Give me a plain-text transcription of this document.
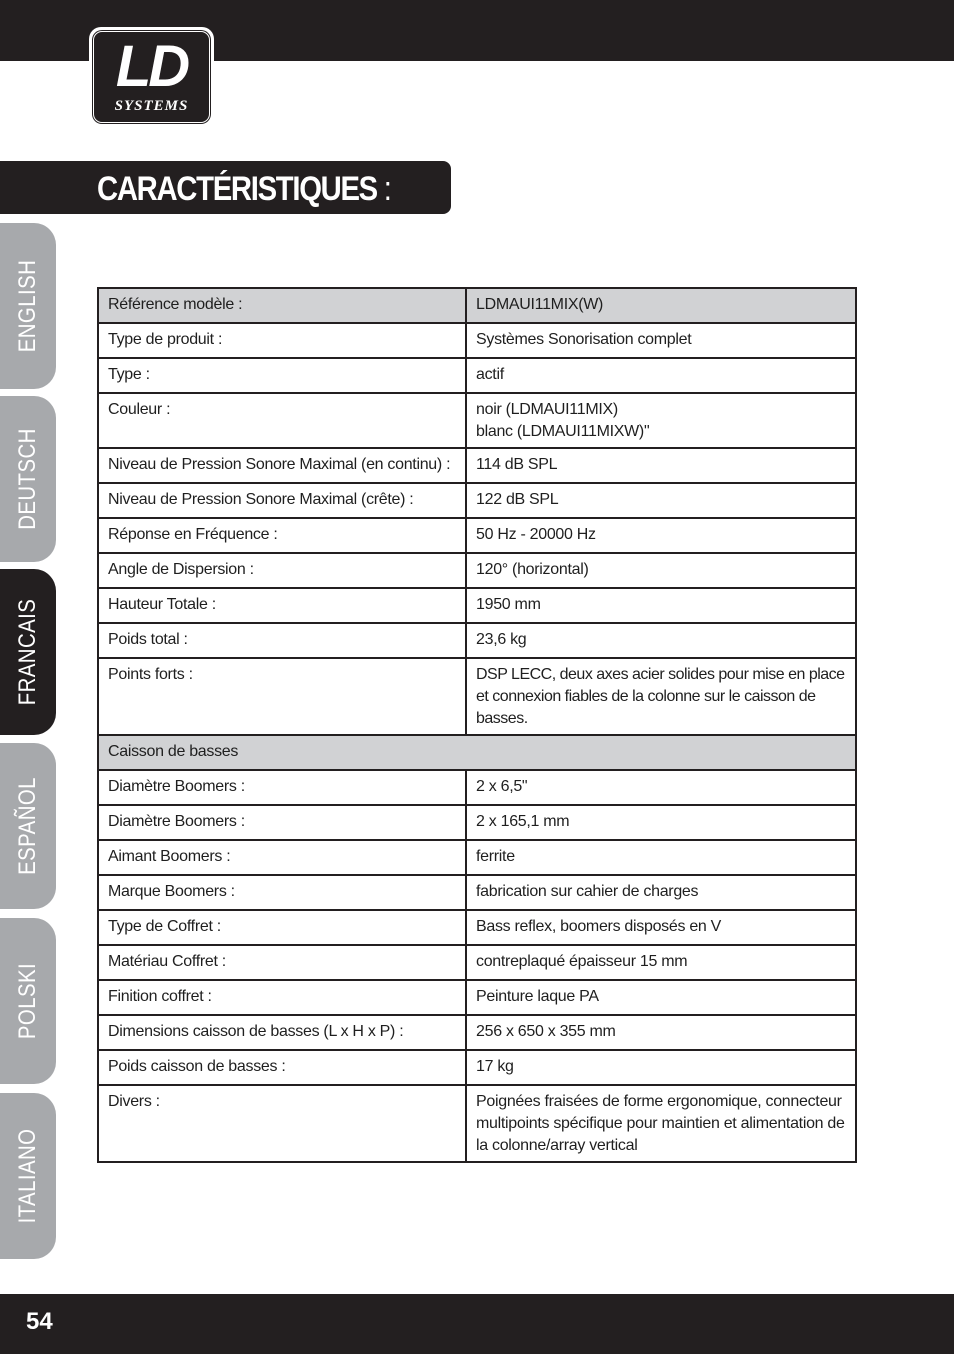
LD
SYSTEMS
CARACTÉRISTIQUES :
ENGLISH
DEUTSCH
FRANCAIS
ESPAÑOL
POLSKI
ITALIANO
Référence modèle :	LDMAUI11MIX(W)
Type de produit :	Systèmes Sonorisation complet
Type :	actif
Couleur :	noir (LDMAUI11MIX)
blanc (LDMAUI11MIXW)"

Niveau de Pression Sonore Maximal (en continu) :	114 dB SPL
Niveau de Pression Sonore Maximal (crête) :	122 dB SPL
Réponse en Fréquence :	50 Hz - 20000 Hz
Angle de Dispersion :	120° (horizontal)
Hauteur Totale :	1950 mm
Poids total :	23,6 kg
Points forts :	DSP LECC, deux axes acier solides pour mise en place et connexion fiables de la colonne sur le caisson de basses.
Caisson de basses	
Diamètre Boomers :	2 x 6,5"
Diamètre Boomers :	2 x 165,1 mm
Aimant Boomers :	ferrite
Marque Boomers :	fabrication sur cahier de charges
Type de Coffret :	Bass reflex, boomers disposés en V
Matériau Coffret :	contreplaqué épaisseur 15 mm
Finition coffret :	Peinture laque PA
Dimensions caisson de basses (L x H x P) :	256 x 650 x 355 mm
Poids caisson de basses :	17 kg
Divers :	Poignées fraisées de forme ergonomique, connecteur multipoints spécifique pour maintien et alimentation de la colonne/array vertical
54
